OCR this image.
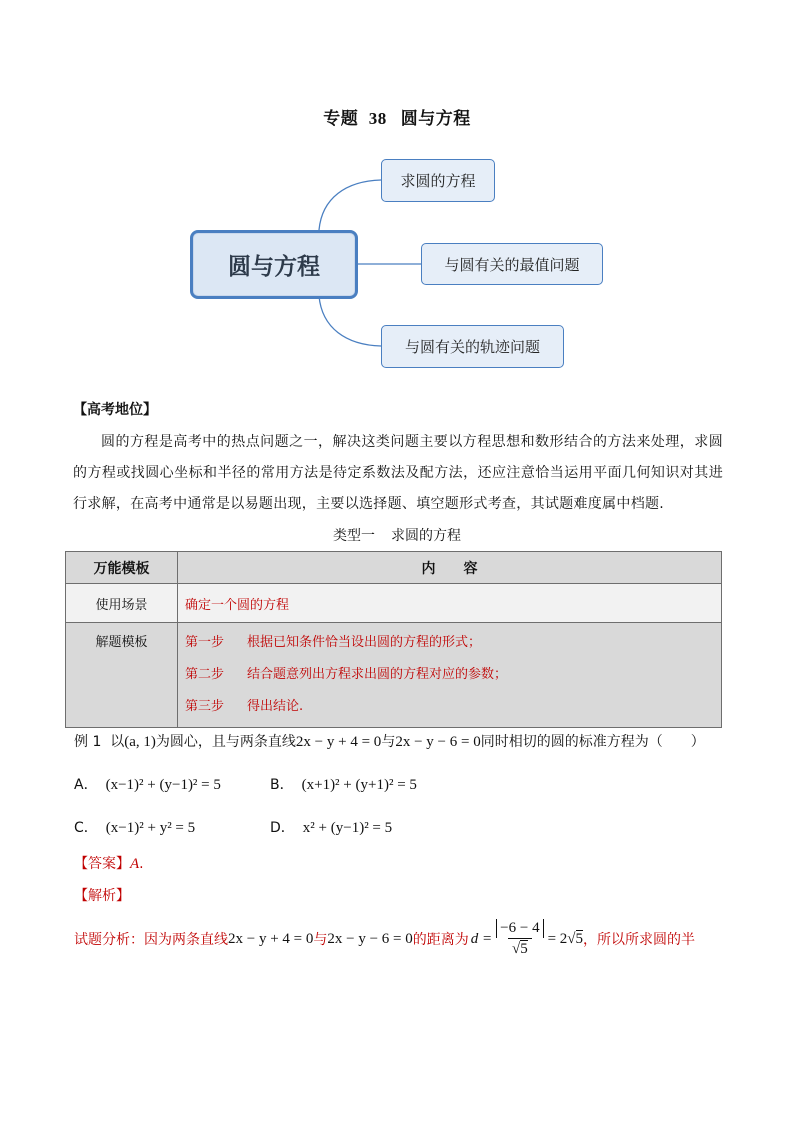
专题 38 圆与方程
圆与方程
求圆的方程
与圆有关的最值问题
与圆有关的轨迹问题
【高考地位】
圆的方程是高考中的热点问题之一，解决这类问题主要以方程思想和数形结合的方法来处理，求圆的方程或找圆心坐标和半径的常用方法是待定系数法及配方法，还应注意恰当运用平面几何知识对其进行求解，在高考中通常是以易题出现，主要以选择题、填空题形式考查，其试题难度属中档题.
类型一 求圆的方程
万能模板	内　　容
使用场景	确定一个圆的方程
解题模板	第一步 根据已知条件恰当设出圆的方程的形式；
第二步 结合题意列出方程求出圆的方程对应的参数；
第三步 得出结论.
例 1 以(a, 1)为圆心，且与两条直线2x − y + 4 = 0与2x − y − 6 = 0同时相切的圆的标准方程为（　　）
A． (x−1)² + (y−1)² = 5	B． (x+1)² + (y+1)² = 5
C． (x−1)² + y² = 5	D． x² + (y−1)² = 5
【答案】A.
【解析】
试题分析：因为两条直线 2x − y + 4 = 0 与 2x − y − 6 = 0 的距离为 $d = \frac{-6 - 4}{√5} = 2$ √5 ，所以所求圆的半
